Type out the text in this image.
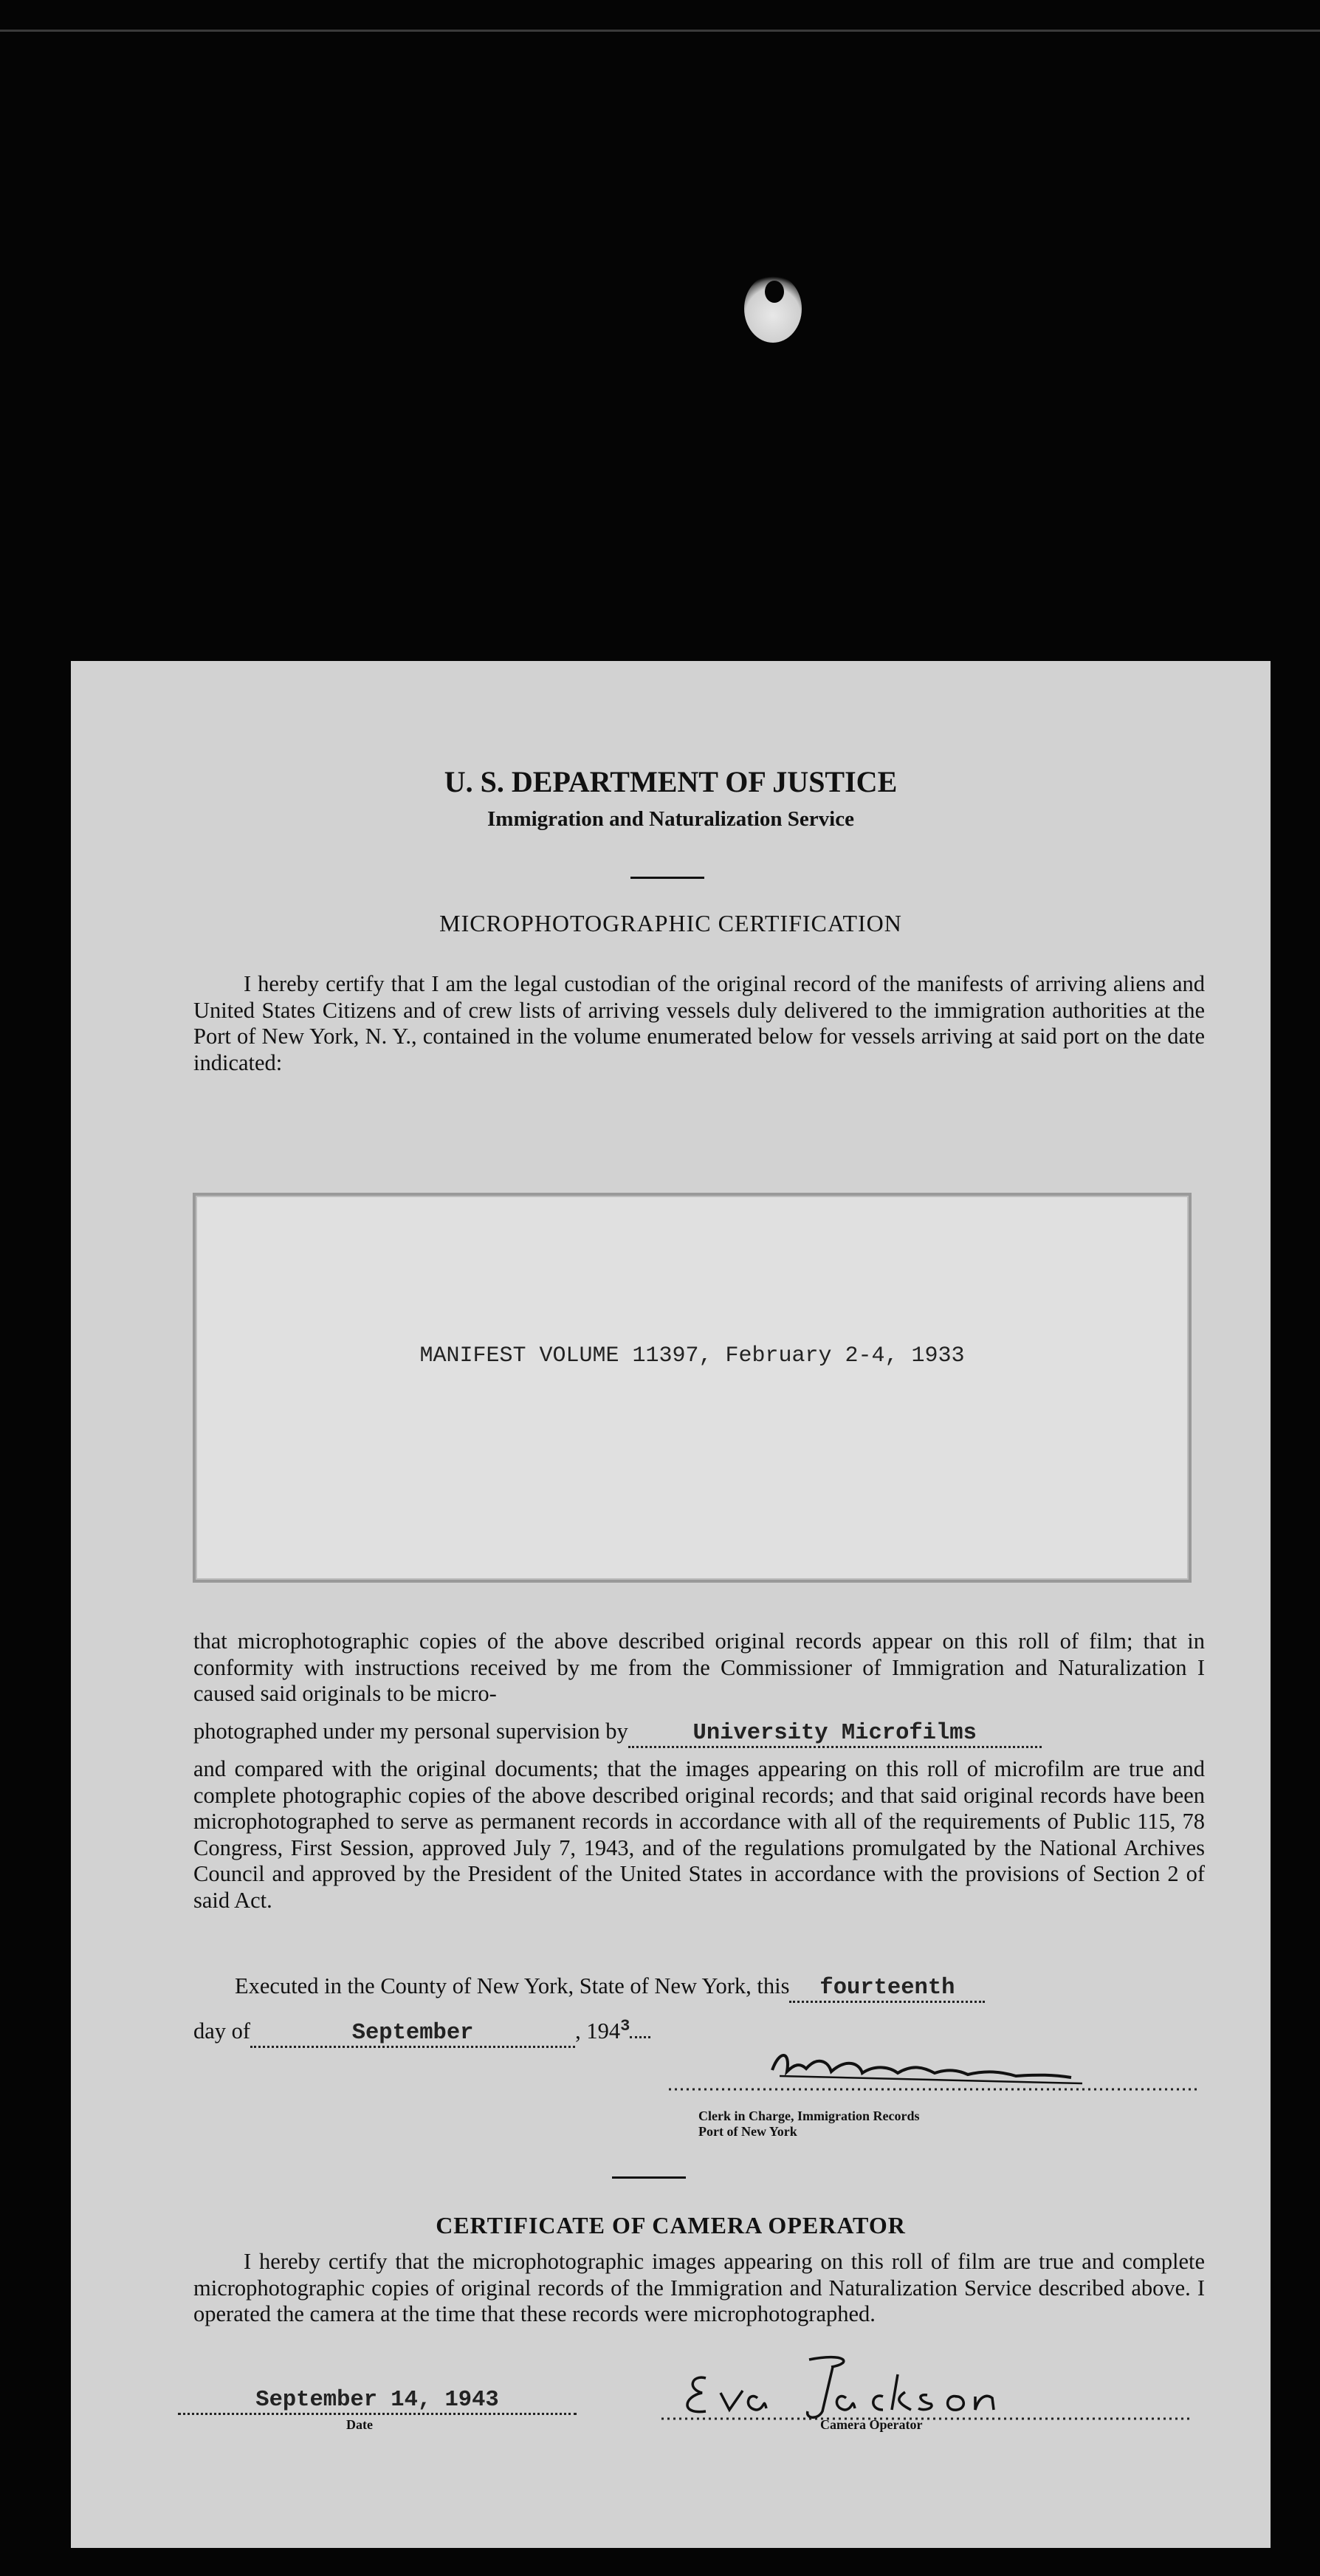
U. S. DEPARTMENT OF JUSTICE
Immigration and Naturalization Service
MICROPHOTOGRAPHIC CERTIFICATION
I hereby certify that I am the legal custodian of the original record of the manifests of arriving aliens and United States Citizens and of crew lists of arriving vessels duly delivered to the immigration authorities at the Port of New York, N. Y., contained in the volume enumerated below for vessels arriving at said port on the date indicated:
MANIFEST VOLUME 11397, February 2-4, 1933
that microphotographic copies of the above described original records appear on this roll of film; that in conformity with instructions received by me from the Commissioner of Immigration and Naturalization I caused said originals to be micro-
photographed under my personal supervision by	University Microfilms
and compared with the original documents; that the images appearing on this roll of microfilm are true and complete photographic copies of the above described original records; and that said original records have been microphotographed to serve as permanent records in accordance with all of the requirements of Public 115, 78 Congress, First Session, approved July 7, 1943, and of the regulations promulgated by the National Archives Council and approved by the President of the United States in accordance with the provisions of Section 2 of said Act.
Executed in the County of New York, State of New York, this fourteenth
day of	September	, $194^3$
Clerk in Charge, Immigration Records
Port of New York
CERTIFICATE OF CAMERA OPERATOR
I hereby certify that the microphotographic images appearing on this roll of film are true and complete microphotographic copies of original records of the Immigration and Naturalization Service described above. I operated the camera at the time that these records were microphotographed.
September 14, 1943
Date	Camera Operator
